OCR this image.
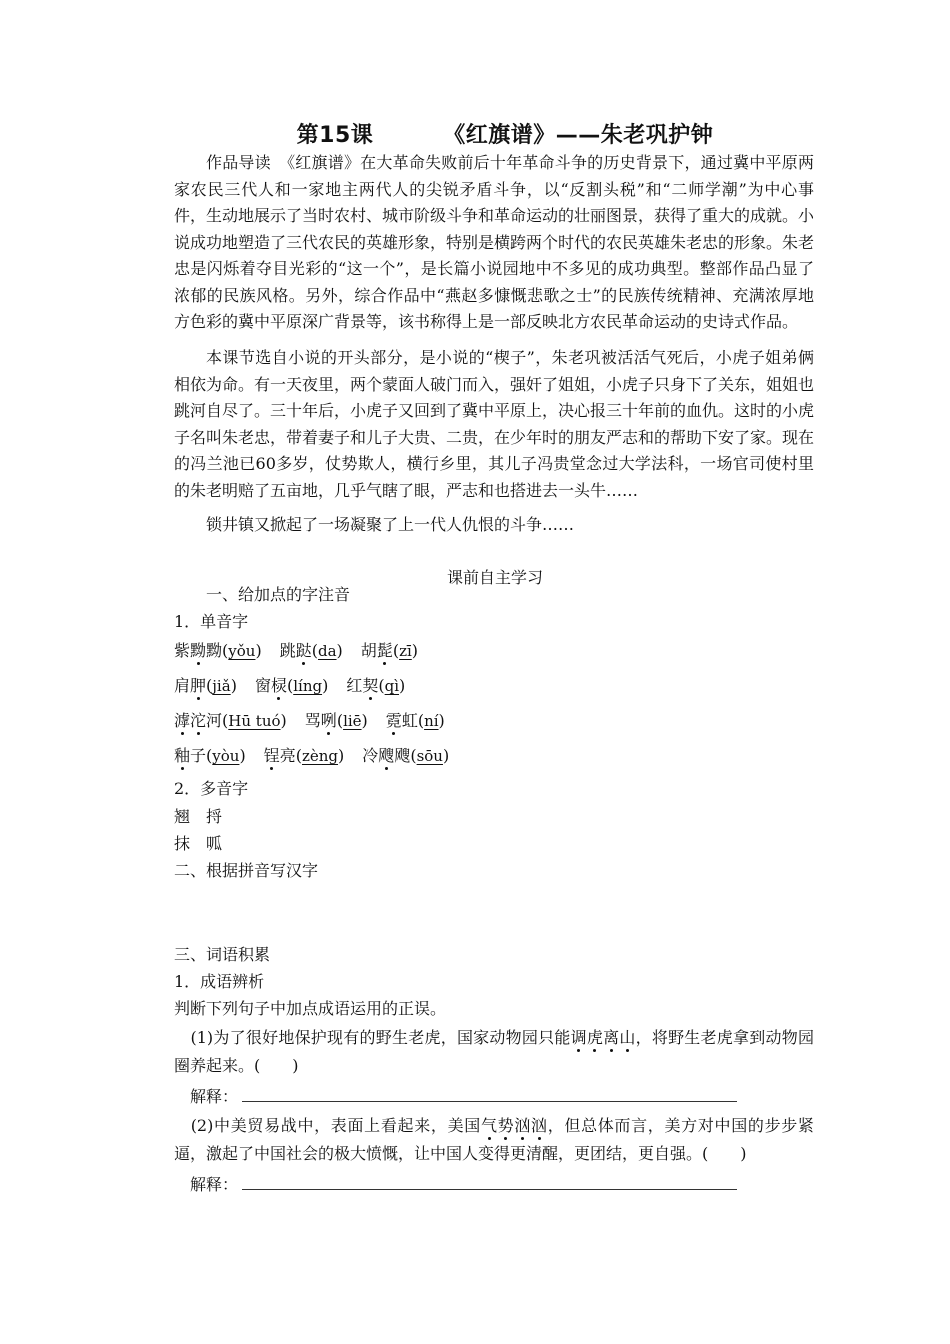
第15课	《红旗谱》——朱老巩护钟

作品导读　 《红旗谱》在大革命失败前后十年革命斗争的历史背景下，通过冀中平原两家农民三代人和一家地主两代人的尖锐矛盾斗争，以“反割头税”和“二师学潮”为中心事件，生动地展示了当时农村、城市阶级斗争和革命运动的壮丽图景，获得了重大的成就。小说成功地塑造了三代农民的英雄形象，特别是横跨两个时代的农民英雄朱老忠的形象。朱老忠是闪烁着夺目光彩的“这一个”，是长篇小说园地中不多见的成功典型。整部作品凸显了浓郁的民族风格。另外，综合作品中“燕赵多慷慨悲歌之士”的民族传统精神、充满浓厚地方色彩的冀中平原深广背景等，该书称得上是一部反映北方农民革命运动的史诗式作品。

本课节选自小说的开头部分，是小说的“楔子”，朱老巩被活活气死后，小虎子姐弟俩相依为命。有一天夜里，两个蒙面人破门而入，强奸了姐姐，小虎子只身下了关东，姐姐也跳河自尽了。三十年后，小虎子又回到了冀中平原上，决心报三十年前的血仇。这时的小虎子名叫朱老忠，带着妻子和儿子大贵、二贵，在少年时的朋友严志和的帮助下安了家。现在的冯兰池已60多岁，仗势欺人，横行乡里，其儿子冯贵堂念过大学法科，一场官司使村里的朱老明赔了五亩地，几乎气瞎了眼，严志和也搭进去一头牛……

锁井镇又掀起了一场凝聚了上一代人仇恨的斗争……

课前自主学习
一、给加点的字注音
1．单音字
紫黝黝(yǒu) 跳跶(da) 胡髭(zī)
肩胛(jiǎ) 窗棂(líng) 红契(qì)
滹沱河(Hū tuó) 骂咧(liē) 霓虹(ní)
釉子(yòu) 锃亮(zèng) 冷飕飕(sōu)
2．多音字
翘　 捋
抹　 呱
二、根据拼音写汉字
三、词语积累
1．成语辨析
判断下列句子中加点成语运用的正误。
　(1)为了很好地保护现有的野生老虎，国家动物园只能调虎离山，将野生老虎拿到动物园圈养起来。(　　)
　解释：
　(2)中美贸易战中，表面上看起来，美国气势汹汹，但总体而言，美方对中国的步步紧逼，激起了中国社会的极大愤慨，让中国人变得更清醒，更团结，更自强。(　　)
　解释：
